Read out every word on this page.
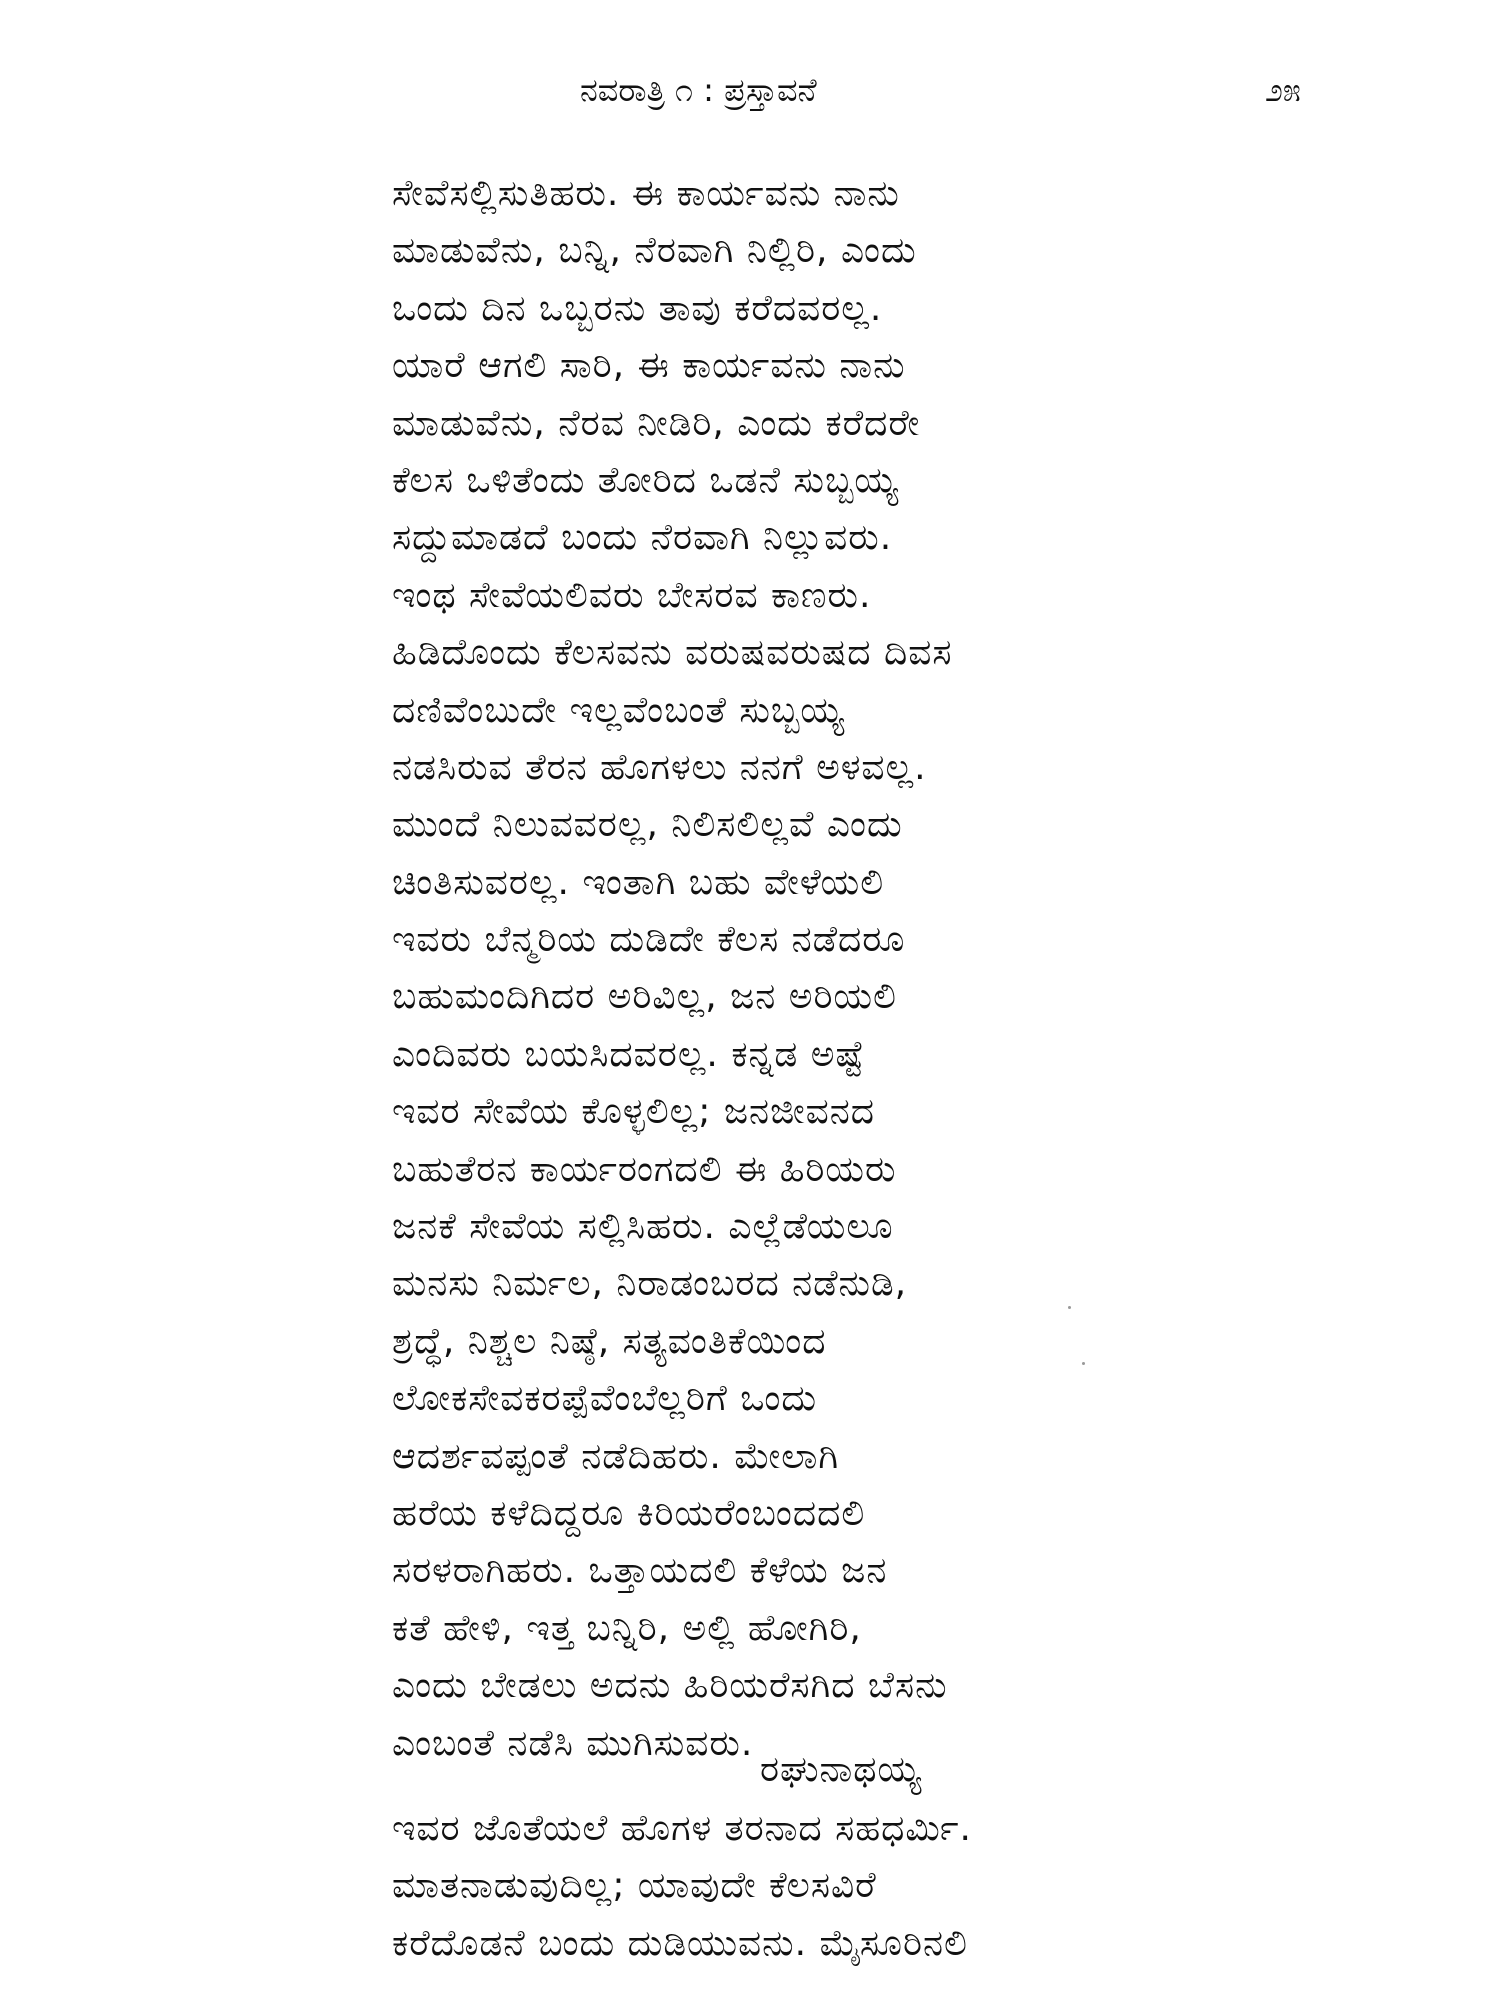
ನವರಾತ್ರಿ ೧ : ಪ್ರಸ್ತಾವನೆ	೨೫
ಸೇವೆಸಲ್ಲಿಸುತಿಹರು. ಈ ಕಾರ್ಯವನು ನಾನು
ಮಾಡುವೆನು, ಬನ್ನಿ, ನೆರವಾಗಿ ನಿಲ್ಲಿರಿ, ಎಂದು
ಒಂದು ದಿನ ಒಬ್ಬರನು ತಾವು ಕರೆದವರಲ್ಲ.
ಯಾರೆ ಆಗಲಿ ಸಾರಿ, ಈ ಕಾರ್ಯವನು ನಾನು
ಮಾಡುವೆನು, ನೆರವ ನೀಡಿರಿ, ಎಂದು ಕರೆದರೇ
ಕೆಲಸ ಒಳಿತೆಂದು ತೋರಿದ ಒಡನೆ ಸುಬ್ಬಯ್ಯ
ಸದ್ದುಮಾಡದೆ ಬಂದು ನೆರವಾಗಿ ನಿಲ್ಲುವರು.
ಇಂಥ ಸೇವೆಯಲಿವರು ಬೇಸರವ ಕಾಣರು.
ಹಿಡಿದೊಂದು ಕೆಲಸವನು ವರುಷವರುಷದ ದಿವಸ
ದಣಿವೆಂಬುದೇ ಇಲ್ಲವೆಂಬಂತೆ ಸುಬ್ಬಯ್ಯ
ನಡಸಿರುವ ತೆರನ ಹೊಗಳಲು ನನಗೆ ಅಳವಲ್ಲ.
ಮುಂದೆ ನಿಲುವವರಲ್ಲ, ನಿಲಿಸಲಿಲ್ಲವೆ ಎಂದು
ಚಿಂತಿಸುವರಲ್ಲ. ಇಂತಾಗಿ ಬಹು ವೇಳೆಯಲಿ
ಇವರು ಬೆನ್ಮರಿಯ ದುಡಿದೇ ಕೆಲಸ ನಡೆದರೂ
ಬಹುಮಂದಿಗಿದರ ಅರಿವಿಲ್ಲ, ಜನ ಅರಿಯಲಿ
ಎಂದಿವರು ಬಯಸಿದವರಲ್ಲ. ಕನ್ನಡ ಅಷ್ಟೆ
ಇವರ ಸೇವೆಯ ಕೊಳ್ಳಲಿಲ್ಲ; ಜನಜೀವನದ
ಬಹುತೆರನ ಕಾರ್ಯರಂಗದಲಿ ಈ ಹಿರಿಯರು
ಜನಕೆ ಸೇವೆಯ ಸಲ್ಲಿಸಿಹರು. ಎಲ್ಲೆಡೆಯಲೂ
ಮನಸು ನಿರ್ಮಲ, ನಿರಾಡಂಬರದ ನಡೆನುಡಿ,
ಶ್ರದ್ಧೆ, ನಿಶ್ಚಲ ನಿಷ್ಠೆ, ಸತ್ಯವಂತಿಕೆಯಿಂದ
ಲೋಕಸೇವಕರಪ್ಪೆವೆಂಬೆಲ್ಲರಿಗೆ ಒಂದು
ಆದರ್ಶವಪ್ಪಂತೆ ನಡೆದಿಹರು. ಮೇಲಾಗಿ
ಹರೆಯ ಕಳೆದಿದ್ದರೂ ಕಿರಿಯರೆಂಬಂದದಲಿ
ಸರಳರಾಗಿಹರು. ಒತ್ತಾಯದಲಿ ಕೆಳೆಯ ಜನ
ಕತೆ ಹೇಳಿ, ಇತ್ತ ಬನ್ನಿರಿ, ಅಲ್ಲಿ ಹೋಗಿರಿ,
ಎಂದು ಬೇಡಲು ಅದನು ಹಿರಿಯರೆಸಗಿದ ಬೆಸನು
ಎಂಬಂತೆ ನಡೆಸಿ ಮುಗಿಸುವರು.
ರಘುನಾಥಯ್ಯ
ಇವರ ಜೊತೆಯಲೆ ಹೊಗಳ ತರನಾದ ಸಹಧರ್ಮಿ.
ಮಾತನಾಡುವುದಿಲ್ಲ; ಯಾವುದೇ ಕೆಲಸವಿರೆ
ಕರೆದೊಡನೆ ಬಂದು ದುಡಿಯುವನು. ಮೈಸೂರಿನಲಿ
